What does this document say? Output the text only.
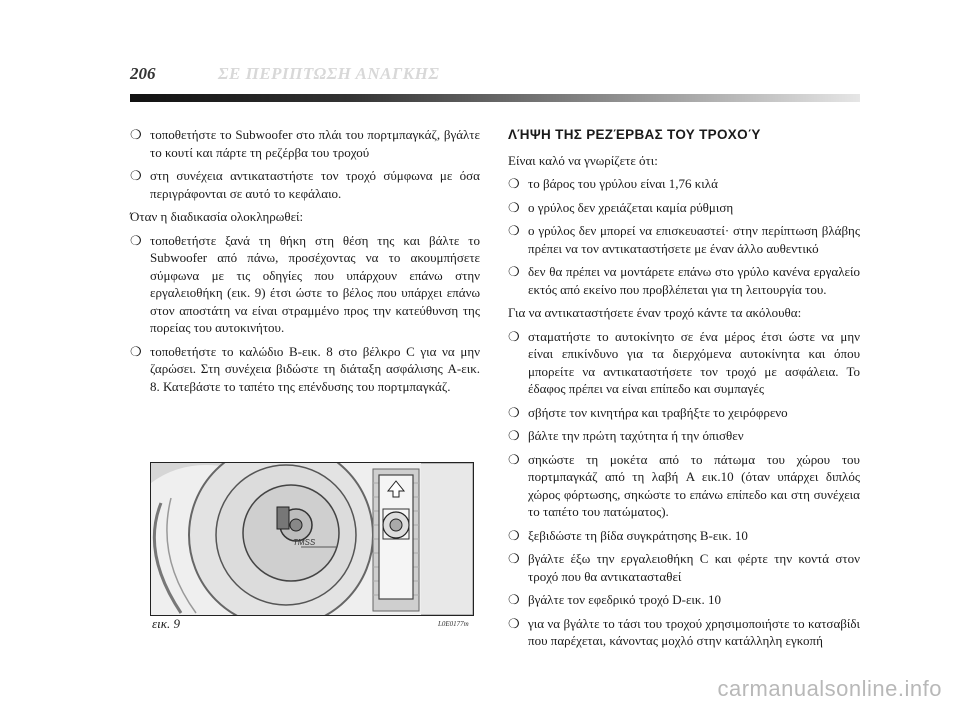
206	ΣΕ ΠΕΡΙΠΤΩΣΗ ΑΝΑΓΚΗΣ
❍ τοποθετήστε το Subwoofer στο πλάι του πορτμπαγκάζ, βγάλτε το κουτί και πάρτε τη ρεζέρβα του τροχού
❍ στη συνέχεια αντικαταστήστε τον τροχό σύμφωνα με όσα περιγράφονται σε αυτό το κεφάλαιο.

Όταν η διαδικασία ολοκληρωθεί:

❍ τοποθετήστε ξανά τη θήκη στη θέση της και βάλτε το Subwoofer από πάνω, προσέχοντας να το ακουμπήσετε σύμφωνα με τις οδηγίες που υπάρχουν επάνω στην εργαλειοθήκη (εικ. 9) έτσι ώστε το βέλος που υπάρχει επάνω στον αποστάτη να είναι στραμμένο προς την κατεύθυνση της πορείας του αυτοκινήτου.
❍ τοποθετήστε το καλώδιο B-εικ. 8 στο βέλκρο C για να μην ζαρώσει. Στη συνέχεια βιδώστε τη διάταξη ασφάλισης A-εικ. 8. Κατεβάστε το ταπέτο της επένδυσης του πορτμπαγκάζ.
TMSS
εικ. 9	L0E0177m
ΛΉΨΗ ΤΗΣ ΡΕΖΈΡΒΑΣ ΤΟΥ ΤΡΟΧΟΎ

Είναι καλό να γνωρίζετε ότι:

❍ το βάρος του γρύλου είναι 1,76 κιλά
❍ ο γρύλος δεν χρειάζεται καμία ρύθμιση
❍ ο γρύλος δεν μπορεί να επισκευαστεί· στην περίπτωση βλάβης πρέπει να τον αντικαταστήσετε με έναν άλλο αυθεντικό
❍ δεν θα πρέπει να μοντάρετε επάνω στο γρύλο κανένα εργαλείο εκτός από εκείνο που προβλέπεται για τη λειτουργία του.

Για να αντικαταστήσετε έναν τροχό κάντε τα ακόλουθα:

❍ σταματήστε το αυτοκίνητο σε ένα μέρος έτσι ώστε να μην είναι επικίνδυνο για τα διερχόμενα αυτοκίνητα και όπου μπορείτε να αντικαταστήσετε τον τροχό με ασφάλεια. Το έδαφος πρέπει να είναι επίπεδο και συμπαγές
❍ σβήστε τον κινητήρα και τραβήξτε το χειρόφρενο
❍ βάλτε την πρώτη ταχύτητα ή την όπισθεν
❍ σηκώστε τη μοκέτα από το πάτωμα του χώρου του πορτμπαγκάζ από τη λαβή A εικ.10 (όταν υπάρχει διπλός χώρος φόρτωσης, σηκώστε το επάνω επίπεδο και στη συνέχεια το ταπέτο του πατώματος).
❍ ξεβιδώστε τη βίδα συγκράτησης B-εικ. 10
❍ βγάλτε έξω την εργαλειοθήκη C και φέρτε την κοντά στον τροχό που θα αντικατασταθεί
❍ βγάλτε τον εφεδρικό τροχό D-εικ. 10
❍ για να βγάλτε το τάσι του τροχού χρησιμοποιήστε το κατσαβίδι που παρέχεται, κάνοντας μοχλό στην κατάλληλη εγκοπή
carmanualsonline.info
